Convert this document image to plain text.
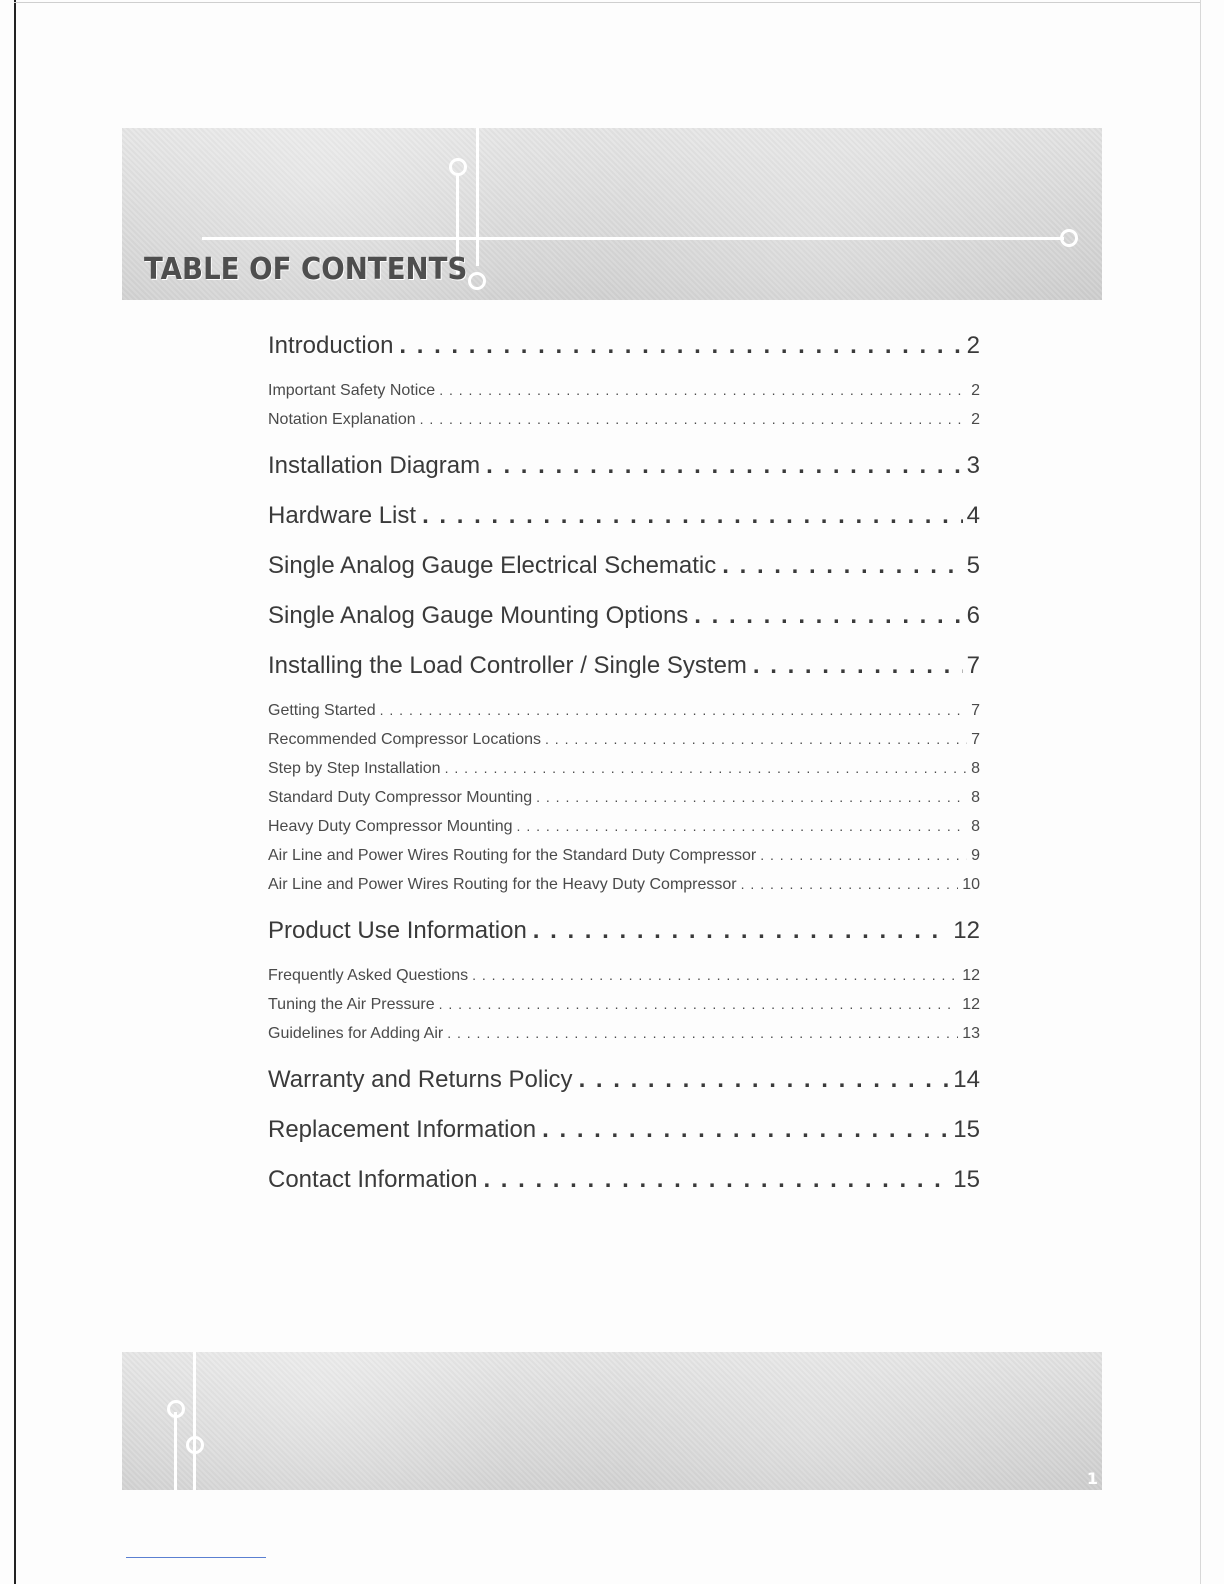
TABLE OF CONTENTS
Introduction . . .	2
Important Safety Notice . . .	2
Notation Explanation . . .	2
Installation Diagram . . .	3
Hardware List . . .	4
Single Analog Gauge Electrical Schematic . . .	5
Single Analog Gauge Mounting Options . . .	6
Installing the Load Controller / Single System . . .	7
Getting Started . . .	7
Recommended Compressor Locations . . .	7
Step by Step Installation . . .	8
Standard Duty Compressor Mounting . . .	8
Heavy Duty Compressor Mounting . . .	8
Air Line and Power Wires Routing for the Standard Duty Compressor . . .	9
Air Line and Power Wires Routing for the Heavy Duty Compressor . . .	10
Product Use Information . . .	12
Frequently Asked Questions . . .	12
Tuning the Air Pressure . . .	12
Guidelines for Adding Air . . .	13
Warranty and Returns Policy . . .	14
Replacement Information . . .	15
Contact Information . . .	15
1
